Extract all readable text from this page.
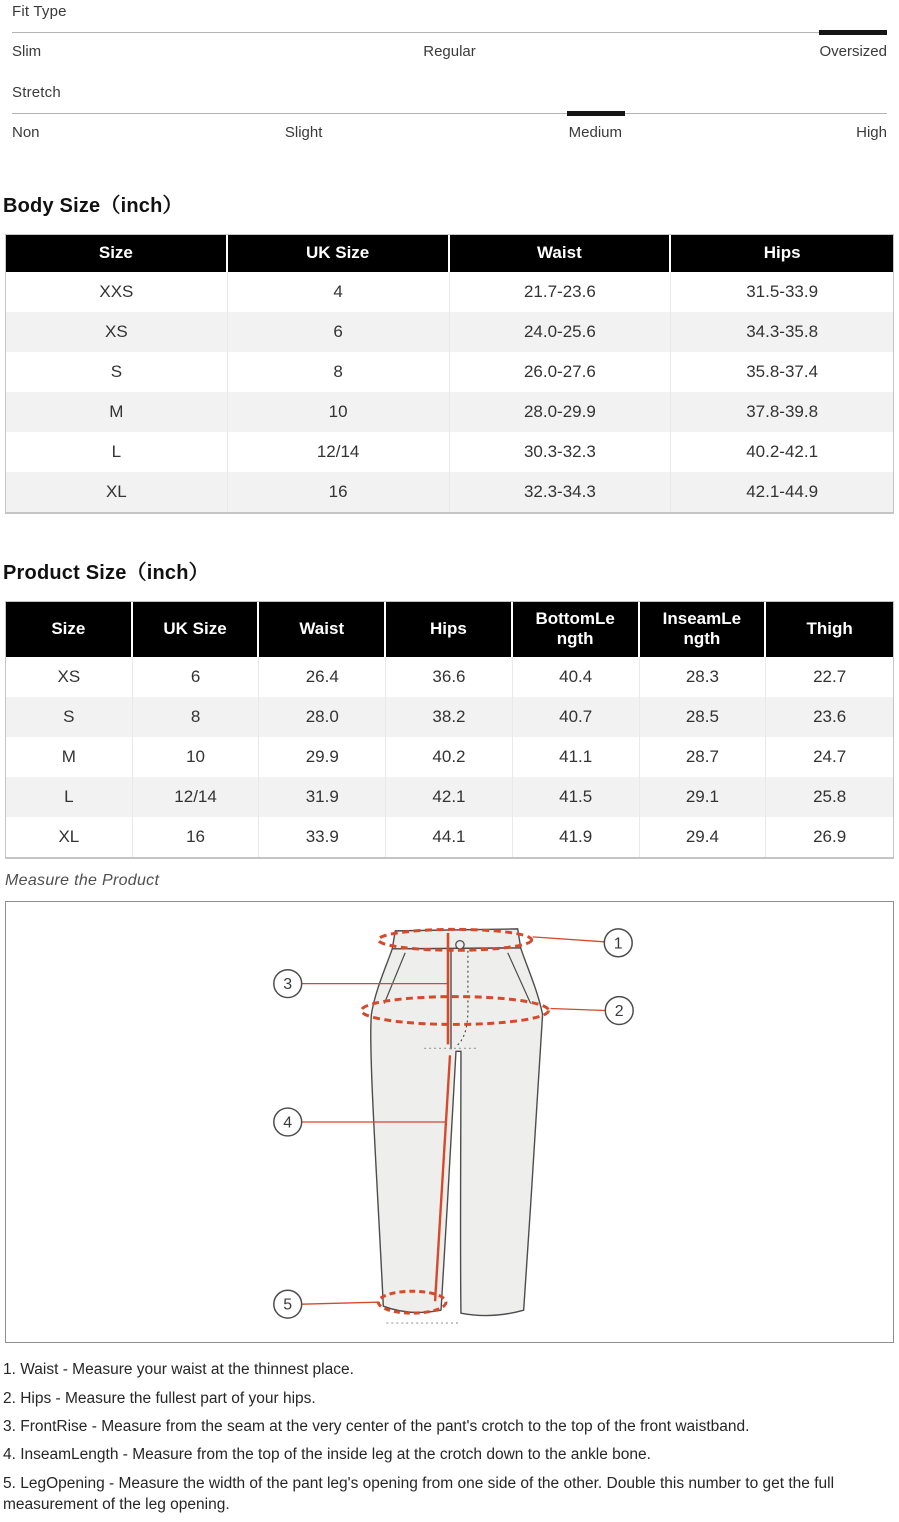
Fit Type
Slim	Regular	Oversized
Stretch
Non	Slight	Medium	High
Body Size（inch）
Size	UK Size	Waist	Hips
XXS	4	21.7-23.6	31.5-33.9
XS	6	24.0-25.6	34.3-35.8
S	8	26.0-27.6	35.8-37.4
M	10	28.0-29.9	37.8-39.8
L	12/14	30.3-32.3	40.2-42.1
XL	16	32.3-34.3	42.1-44.9
Product Size（inch）
Size	UK Size	Waist	Hips	BottomLength	InseamLength	Thigh
XS	6	26.4	36.6	40.4	28.3	22.7
S	8	28.0	38.2	40.7	28.5	23.6
M	10	29.9	40.2	41.1	28.7	24.7
L	12/14	31.9	42.1	41.5	29.1	25.8
XL	16	33.9	44.1	41.9	29.4	26.9
Measure the Product
1
2
3
4
5
1. Waist - Measure your waist at the thinnest place.
2. Hips - Measure the fullest part of your hips.
3. FrontRise - Measure from the seam at the very center of the pant's crotch to the top of the front waistband.
4. InseamLength - Measure from the top of the inside leg at the crotch down to the ankle bone.
5. LegOpening - Measure the width of the pant leg's opening from one side of the other. Double this number to get the full measurement of the leg opening.
